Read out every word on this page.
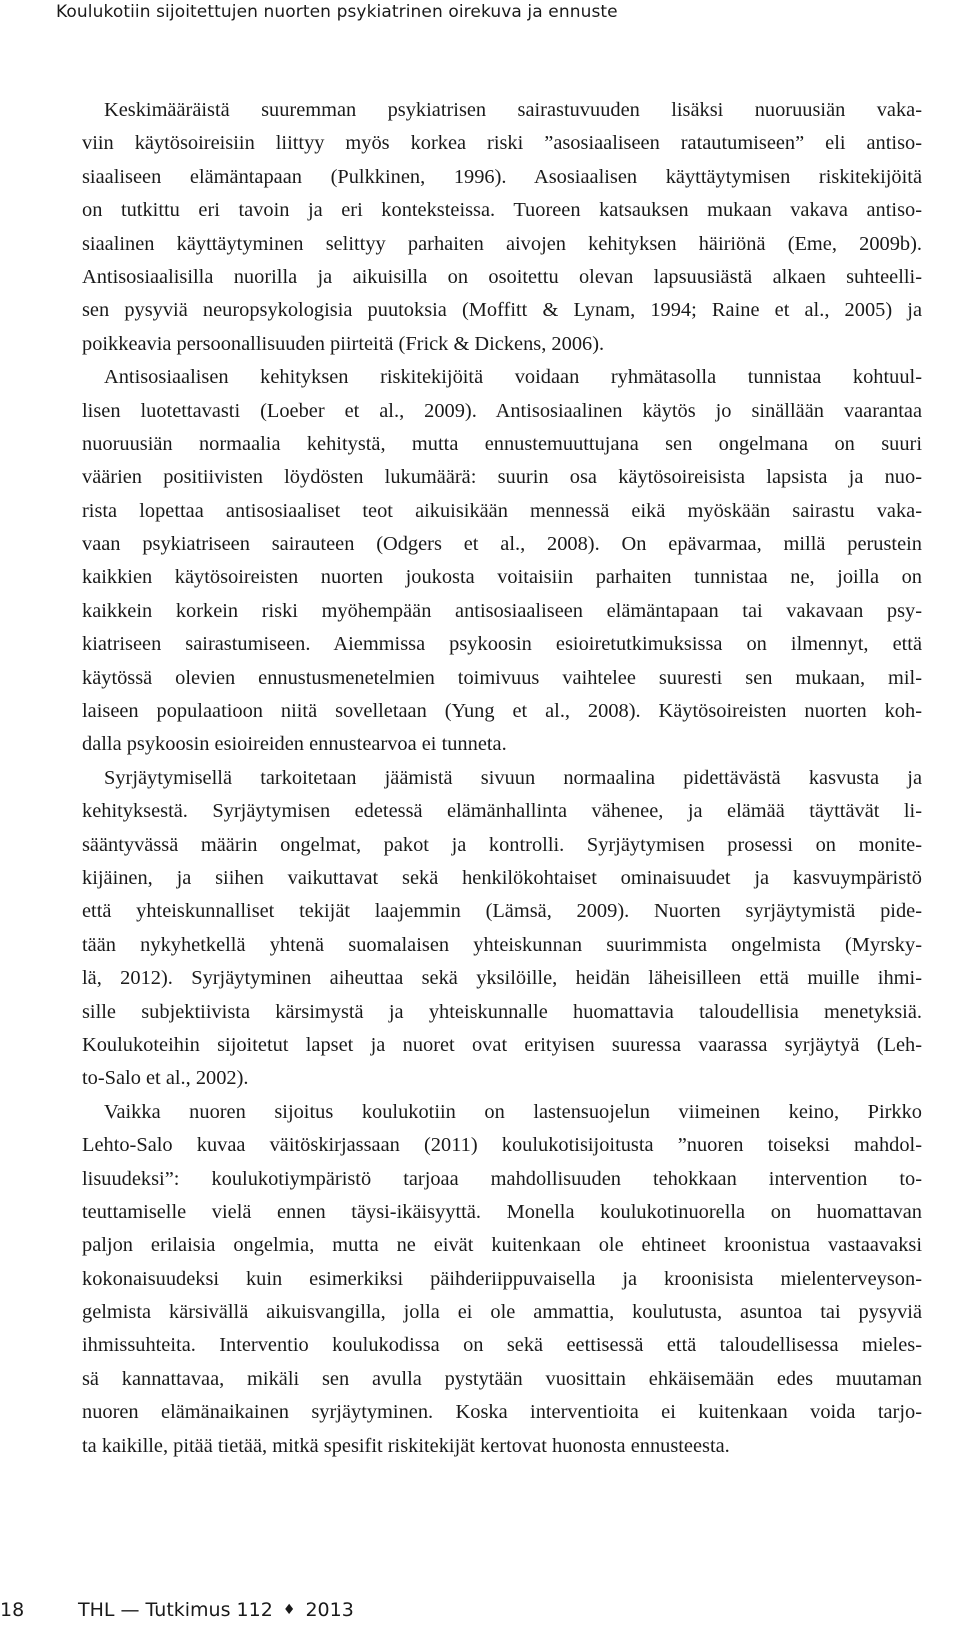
Koulukotiin sijoitettujen nuorten psykiatrinen oirekuva ja ennuste
Keskimääräistä suuremman psykiatrisen sairastuvuuden lisäksi nuoruusiän vaka-
viin käytösoireisiin liittyy myös korkea riski ”asosiaaliseen ratautumiseen” eli antiso-
siaaliseen elämäntapaan (Pulkkinen, 1996). Asosiaalisen käyttäytymisen riskitekijöitä
on tutkittu eri tavoin ja eri konteksteissa. Tuoreen katsauksen mukaan vakava antiso-
siaalinen käyttäytyminen selittyy parhaiten aivojen kehityksen häiriönä (Eme, 2009b).
Antisosiaalisilla nuorilla ja aikuisilla on osoitettu olevan lapsuusiästä alkaen suhteelli-
sen pysyviä neuropsykologisia puutoksia (Moffitt & Lynam, 1994; Raine et al., 2005) ja
poikkeavia persoonallisuuden piirteitä (Frick & Dickens, 2006).
Antisosiaalisen kehityksen riskitekijöitä voidaan ryhmätasolla tunnistaa kohtuul-
lisen luotettavasti (Loeber et al., 2009). Antisosiaalinen käytös jo sinällään vaarantaa
nuoruusiän normaalia kehitystä, mutta ennustemuuttujana sen ongelmana on suuri
väärien positiivisten löydösten lukumäärä: suurin osa käytösoireisista lapsista ja nuo-
rista lopettaa antisosiaaliset teot aikuisikään mennessä eikä myöskään sairastu vaka-
vaan psykiatriseen sairauteen (Odgers et al., 2008). On epävarmaa, millä perustein
kaikkien käytösoireisten nuorten joukosta voitaisiin parhaiten tunnistaa ne, joilla on
kaikkein korkein riski myöhempään antisosiaaliseen elämäntapaan tai vakavaan psy-
kiatriseen sairastumiseen. Aiemmissa psykoosin esioiretutkimuksissa on ilmennyt, että
käytössä olevien ennustusmenetelmien toimivuus vaihtelee suuresti sen mukaan, mil-
laiseen populaatioon niitä sovelletaan (Yung et al., 2008). Käytösoireisten nuorten koh-
dalla psykoosin esioireiden ennustearvoa ei tunneta.
Syrjäytymisellä tarkoitetaan jäämistä sivuun normaalina pidettävästä kasvusta ja
kehityksestä. Syrjäytymisen edetessä elämänhallinta vähenee, ja elämää täyttävät li-
sääntyvässä määrin ongelmat, pakot ja kontrolli. Syrjäytymisen prosessi on monite-
kijäinen, ja siihen vaikuttavat sekä henkilökohtaiset ominaisuudet ja kasvuympäristö
että yhteiskunnalliset tekijät laajemmin (Lämsä, 2009). Nuorten syrjäytymistä pide-
tään nykyhetkellä yhtenä suomalaisen yhteiskunnan suurimmista ongelmista (Myrsky-
lä, 2012). Syrjäytyminen aiheuttaa sekä yksilöille, heidän läheisilleen että muille ihmi-
sille subjektiivista kärsimystä ja yhteiskunnalle huomattavia taloudellisia menetyksiä.
Koulukoteihin sijoitetut lapset ja nuoret ovat erityisen suuressa vaarassa syrjäytyä (Leh-
to-Salo et al., 2002).
Vaikka nuoren sijoitus koulukotiin on lastensuojelun viimeinen keino, Pirkko
Lehto-Salo kuvaa väitöskirjassaan (2011) koulukotisijoitusta ”nuoren toiseksi mahdol-
lisuudeksi”: koulukotiympäristö tarjoaa mahdollisuuden tehokkaan intervention to-
teuttamiselle vielä ennen täysi-ikäisyyttä. Monella koulukotinuorella on huomattavan
paljon erilaisia ongelmia, mutta ne eivät kuitenkaan ole ehtineet kroonistua vastaavaksi
kokonaisuudeksi kuin esimerkiksi päihderiippuvaisella ja kroonisista mielenterveyson-
gelmista kärsivällä aikuisvangilla, jolla ei ole ammattia, koulutusta, asuntoa tai pysyviä
ihmissuhteita. Interventio koulukodissa on sekä eettisessä että taloudellisessa mieles-
sä kannattavaa, mikäli sen avulla pystytään vuosittain ehkäisemään edes muutaman
nuoren elämänaikainen syrjäytyminen. Koska interventioita ei kuitenkaan voida tarjo-
ta kaikille, pitää tietää, mitkä spesifit riskitekijät kertovat huonosta ennusteesta.
18	THL — Tutkimus 112 ♦ 2013
